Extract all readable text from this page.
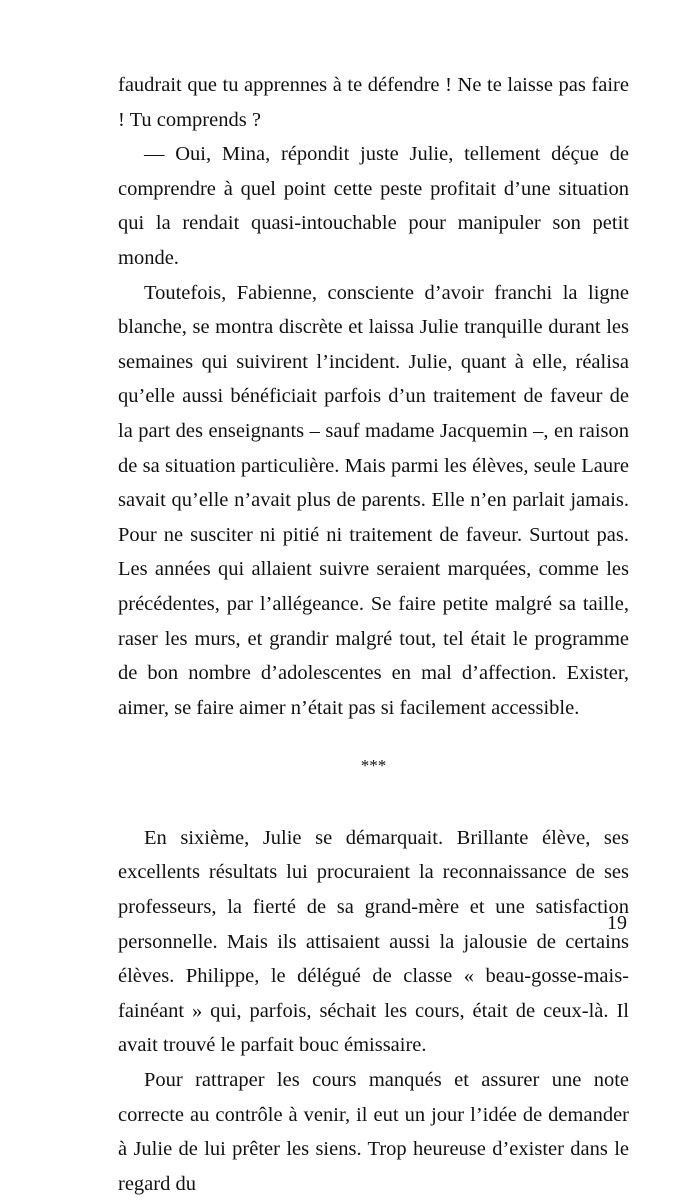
faudrait que tu apprennes à te défendre ! Ne te laisse pas faire ! Tu comprends ?

— Oui, Mina, répondit juste Julie, tellement déçue de comprendre à quel point cette peste profitait d’une situation qui la rendait quasi-intouchable pour manipuler son petit monde.

Toutefois, Fabienne, consciente d’avoir franchi la ligne blanche, se montra discrète et laissa Julie tranquille durant les semaines qui suivirent l’incident. Julie, quant à elle, réalisa qu’elle aussi bénéficiait parfois d’un traitement de faveur de la part des enseignants – sauf madame Jacquemin –, en raison de sa situation particulière. Mais parmi les élèves, seule Laure savait qu’elle n’avait plus de parents. Elle n’en parlait jamais. Pour ne susciter ni pitié ni traitement de faveur. Surtout pas. Les années qui allaient suivre seraient marquées, comme les précédentes, par l’allégeance. Se faire petite malgré sa taille, raser les murs, et grandir malgré tout, tel était le programme de bon nombre d’adolescentes en mal d’affection. Exister, aimer, se faire aimer n’était pas si facilement accessible.

***

En sixième, Julie se démarquait. Brillante élève, ses excellents résultats lui procuraient la reconnaissance de ses professeurs, la fierté de sa grand-mère et une satisfaction personnelle. Mais ils attisaient aussi la jalousie de certains élèves. Philippe, le délégué de classe « beau-gosse-mais-fainéant » qui, parfois, séchait les cours, était de ceux-là. Il avait trouvé le parfait bouc émissaire.

Pour rattraper les cours manqués et assurer une note correcte au contrôle à venir, il eut un jour l’idée de demander à Julie de lui prêter les siens. Trop heureuse d’exister dans le regard du

19
